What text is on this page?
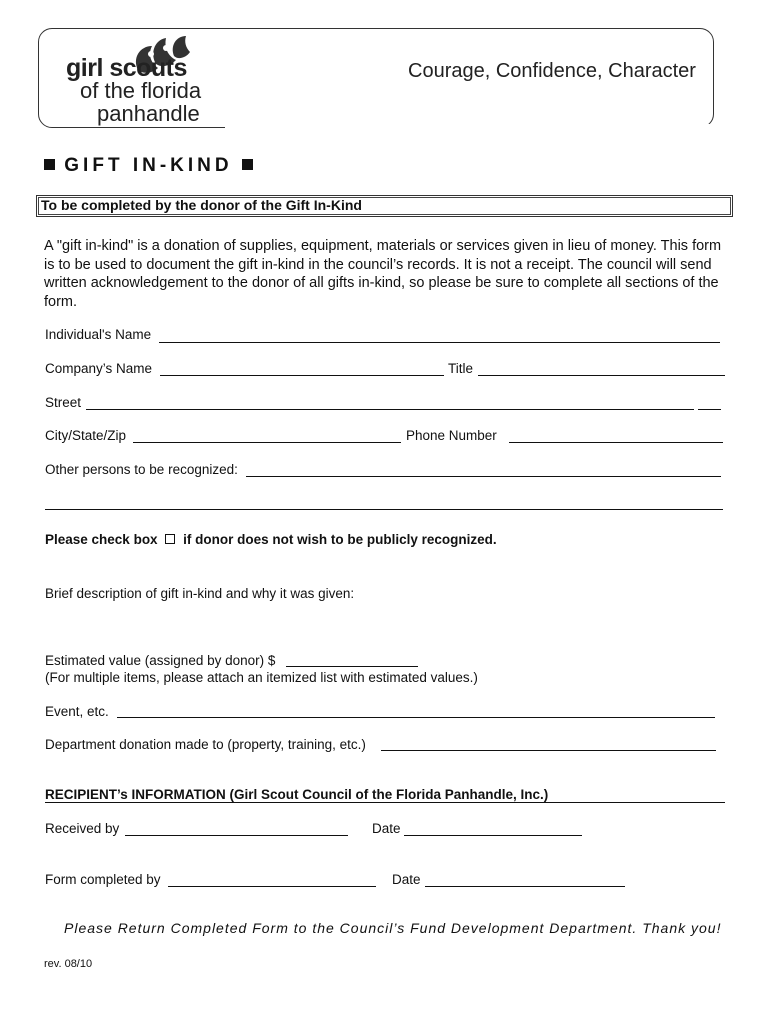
girl scouts
of the florida
panhandle
Courage, Confidence, Character
GIFT IN-KIND
To be completed by the donor of the Gift In-Kind
A "gift in-kind" is a donation of supplies, equipment, materials or services given in lieu of money. This form is to be used to document the gift in-kind in the council’s records. It is not a receipt. The council will send written acknowledgement to the donor of all gifts in-kind, so please be sure to complete all sections of the form.
Individual's Name
Company’s Name	Title
Street
City/State/Zip	Phone Number
Other persons to be recognized:
Please check box if donor does not wish to be publicly recognized.
Brief description of gift in-kind and why it was given:
Estimated value (assigned by donor) $
(For multiple items, please attach an itemized list with estimated values.)
Event, etc.
Department donation made to (property, training, etc.)
RECIPIENT’s INFORMATION (Girl Scout Council of the Florida Panhandle, Inc.)
Received by	Date
Form completed by	Date
Please Return Completed Form to the Council’s Fund Development Department. Thank you!
rev. 08/10
